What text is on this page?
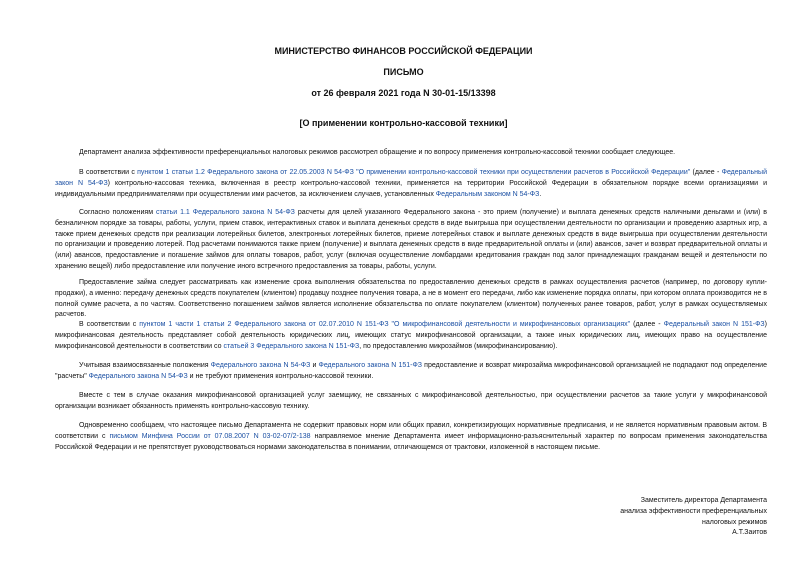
МИНИСТЕРСТВО ФИНАНСОВ РОССИЙСКОЙ ФЕДЕРАЦИИ
ПИСЬМО
от 26 февраля 2021 года N 30-01-15/13398
[О применении контрольно-кассовой техники]

Департамент анализа эффективности преференциальных налоговых режимов рассмотрел обращение и по вопросу применения контрольно-кассовой техники сообщает следующее.

В соответствии с пунктом 1 статьи 1.2 Федерального закона от 22.05.2003 N 54-ФЗ "О применении контрольно-кассовой техники при осуществлении расчетов в Российской Федерации" (далее - Федеральный закон N 54-ФЗ) контрольно-кассовая техника, включенная в реестр контрольно-кассовой техники, применяется на территории Российской Федерации в обязательном порядке всеми организациями и индивидуальными предпринимателями при осуществлении ими расчетов, за исключением случаев, установленных Федеральным законом N 54-ФЗ.

Согласно положениям статьи 1.1 Федерального закона N 54-ФЗ расчеты для целей указанного Федерального закона - это прием (получение) и выплата денежных средств наличными деньгами и (или) в безналичном порядке за товары, работы, услуги, прием ставок, интерактивных ставок и выплата денежных средств в виде выигрыша при осуществлении деятельности по организации и проведению азартных игр, а также прием денежных средств при реализации лотерейных билетов, электронных лотерейных билетов, приеме лотерейных ставок и выплате денежных средств в виде выигрыша при осуществлении деятельности по организации и проведению лотерей. Под расчетами понимаются также прием (получение) и выплата денежных средств в виде предварительной оплаты и (или) авансов, зачет и возврат предварительной оплаты и (или) авансов, предоставление и погашение займов для оплаты товаров, работ, услуг (включая осуществление ломбардами кредитования граждан под залог принадлежащих гражданам вещей и деятельности по хранению вещей) либо предоставление или получение иного встречного предоставления за товары, работы, услуги.

Предоставление займа следует рассматривать как изменение срока выполнения обязательства по предоставлению денежных средств в рамках осуществления расчетов (например, по договору купли-продажи), а именно: передачу денежных средств покупателем (клиентом) продавцу позднее получения товара, а не в момент его передачи, либо как изменение порядка оплаты, при котором оплата производится не в полной сумме расчета, а по частям. Соответственно погашением займов является исполнение обязательства по оплате покупателем (клиентом) полученных ранее товаров, работ, услуг в рамках осуществляемых расчетов.

В соответствии с пунктом 1 части 1 статьи 2 Федерального закона от 02.07.2010 N 151-ФЗ "О микрофинансовой деятельности и микрофинансовых организациях" (далее - Федеральный закон N 151-ФЗ) микрофинансовая деятельность представляет собой деятельность юридических лиц, имеющих статус микрофинансовой организации, а также иных юридических лиц, имеющих право на осуществление микрофинансовой деятельности в соответствии со статьей 3 Федерального закона N 151-ФЗ, по предоставлению микрозаймов (микрофинансированию).

Учитывая взаимосвязанные положения Федерального закона N 54-ФЗ и Федерального закона N 151-ФЗ предоставление и возврат микрозайма микрофинансовой организацией не подпадают под определение "расчеты" Федерального закона N 54-ФЗ и не требуют применения контрольно-кассовой техники.

Вместе с тем в случае оказания микрофинансовой организацией услуг заемщику, не связанных с микрофинансовой деятельностью, при осуществлении расчетов за такие услуги у микрофинансовой организации возникает обязанность применять контрольно-кассовую технику.

Одновременно сообщаем, что настоящее письмо Департамента не содержит правовых норм или общих правил, конкретизирующих нормативные предписания, и не является нормативным правовым актом. В соответствии с письмом Минфина России от 07.08.2007 N 03-02-07/2-138 направляемое мнение Департамента имеет информационно-разъяснительный характер по вопросам применения законодательства Российской Федерации и не препятствует руководствоваться нормами законодательства в понимании, отличающемся от трактовки, изложенной в настоящем письме.

Заместитель директора Департамента
анализа эффективности преференциальных
налоговых режимов
А.Т.Заитов
